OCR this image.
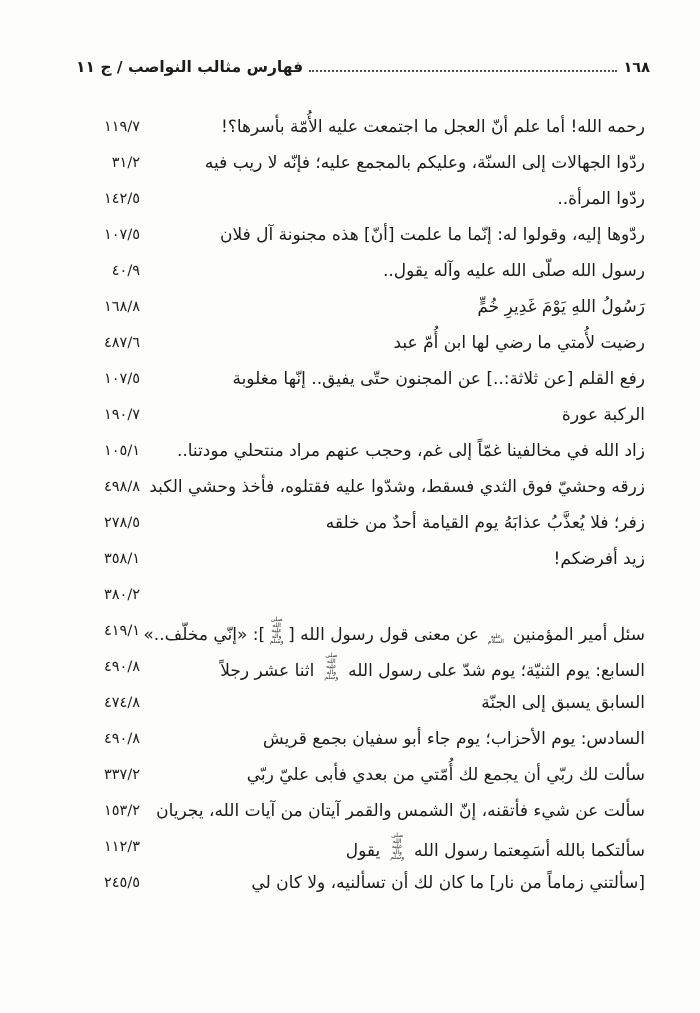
فهارس مثالب النواصب / ج ١١	١٦٨
رحمه الله! أما علم أنّ العجل ما اجتمعت عليه الأُمّة بأسرها؟!
١١٩/٧
ردّوا الجهالات إلى السنّة، وعليكم بالمجمع عليه؛ فإنّه لا ريب فيه
٣١/٢
ردّوا المرأة..
١٤٢/٥
ردّوها إليه، وقولوا له: إنّما ما علمت [أنّ] هذه مجنونة آل فلان
١٠٧/٥
رسول الله صلّى الله عليه وآله يقول..
٤٠/٩
رَسُولُ اللهِ يَوْمَ غَدِيرِ خُمٍّ
١٦٨/٨
رضيت لأُمتي ما رضي لها ابن أُمّ عبد
٤٨٧/٦
رفع القلم [عن ثلاثة:..] عن المجنون حتّى يفيق.. إنّها مغلوبة
١٠٧/٥
الركبة عورة
١٩٠/٧
زاد الله في مخالفينا غمّاً إلى غم، وحجب عنهم مراد منتحلي مودتنا..
١٠٥/١
زرقه وحشيّ فوق الثدي فسقط، وشدّوا عليه فقتلوه، فأخذ وحشي الكبد
٤٩٨/٨
زفر؛ فلا يُعذَّبُ عذابَهُ يوم القيامة أحدٌ من خلقه
٢٧٨/٥
زيد أفرضكم!
٣٥٨/١
٣٨٠/٢
سئل أمير المؤمنين عليه السلام عن معنى قول رسول الله [صلى الله عليه وآله وسلم]: «إنّي مخلّف..»
٤١٩/١
السابع: يوم الثنيّة؛ يوم شدّ على رسول الله صلى الله عليه وآله وسلم اثنا عشر رجلاً
٤٩٠/٨
السابق يسبق إلى الجنّة
٤٧٤/٨
السادس: يوم الأحزاب؛ يوم جاء أبو سفيان بجمع قريش
٤٩٠/٨
سألت لك ربّي أن يجمع لك أُمّتي من بعدي فأبى عليّ ربّي
٣٣٧/٢
سألت عن شيء فأتقنه، إنّ الشمس والقمر آيتان من آيات الله، يجريان
١٥٣/٢
سألتكما بالله أسَمِعتما رسول الله صلى الله عليه وآله وسلم يقول
١١٢/٣
[سألتني زماماً من نار] ما كان لك أن تسألنيه، ولا كان لي
٢٤٥/٥
